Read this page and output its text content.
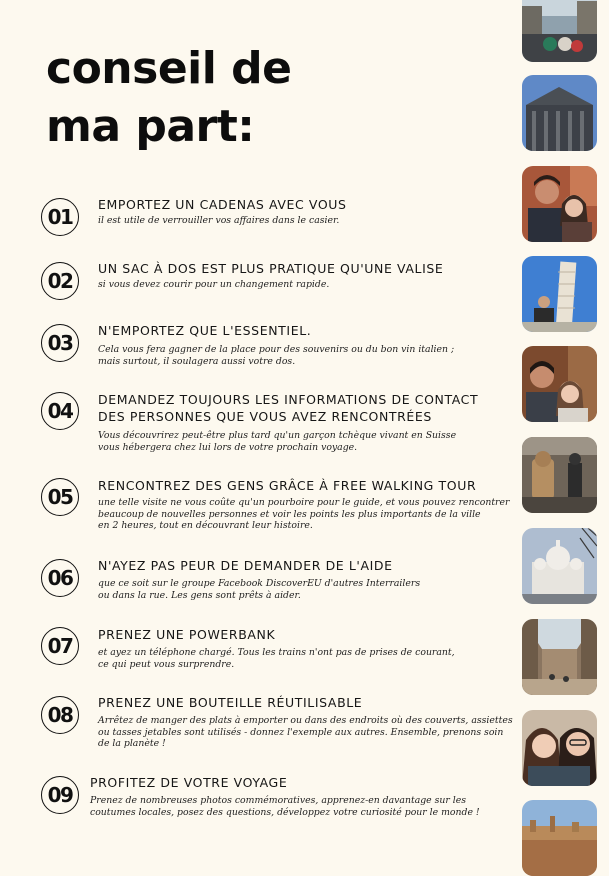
conseil de
ma part:
01
EMPORTEZ UN CADENAS AVEC VOUS
il est utile de verrouiller vos affaires dans le casier.
02
UN SAC À DOS EST PLUS PRATIQUE QU'UNE VALISE
si vous devez courir pour un changement rapide.
03
N'EMPORTEZ QUE L'ESSENTIEL.
Cela vous fera gagner de la place pour des souvenirs ou du bon vin italien ;
mais surtout, il soulagera aussi votre dos.
04	DEMANDEZ TOUJOURS LES INFORMATIONS DE CONTACT
DES PERSONNES QUE VOUS AVEZ RENCONTRÉES
Vous découvrirez peut-être plus tard qu'un garçon tchèque vivant en Suisse
vous hébergera chez lui lors de votre prochain voyage.
05	RENCONTREZ DES GENS GRÂCE À FREE WALKING TOUR
une telle visite ne vous coûte qu'un pourboire pour le guide, et vous pouvez rencontrer
beaucoup de nouvelles personnes et voir les points les plus importants de la ville
en 2 heures, tout en découvrant leur histoire.
06
N'AYEZ PAS PEUR DE DEMANDER DE L'AIDE
que ce soit sur le groupe Facebook DiscoverEU d'autres Interrailers
ou dans la rue. Les gens sont prêts à aider.
07	PRENEZ UNE POWERBANK
et ayez un téléphone chargé. Tous les trains n'ont pas de prises de courant,
ce qui peut vous surprendre.
08
PRENEZ UNE BOUTEILLE RÉUTILISABLE
Arrêtez de manger des plats à emporter ou dans des endroits où des couverts, assiettes
ou tasses jetables sont utilisés - donnez l'exemple aux autres. Ensemble, prenons soin
de la planète !
09
PROFITEZ DE VOTRE VOYAGE
Prenez de nombreuses photos commémoratives, apprenez-en davantage sur les
coutumes locales, posez des questions, développez votre curiosité pour le monde !
